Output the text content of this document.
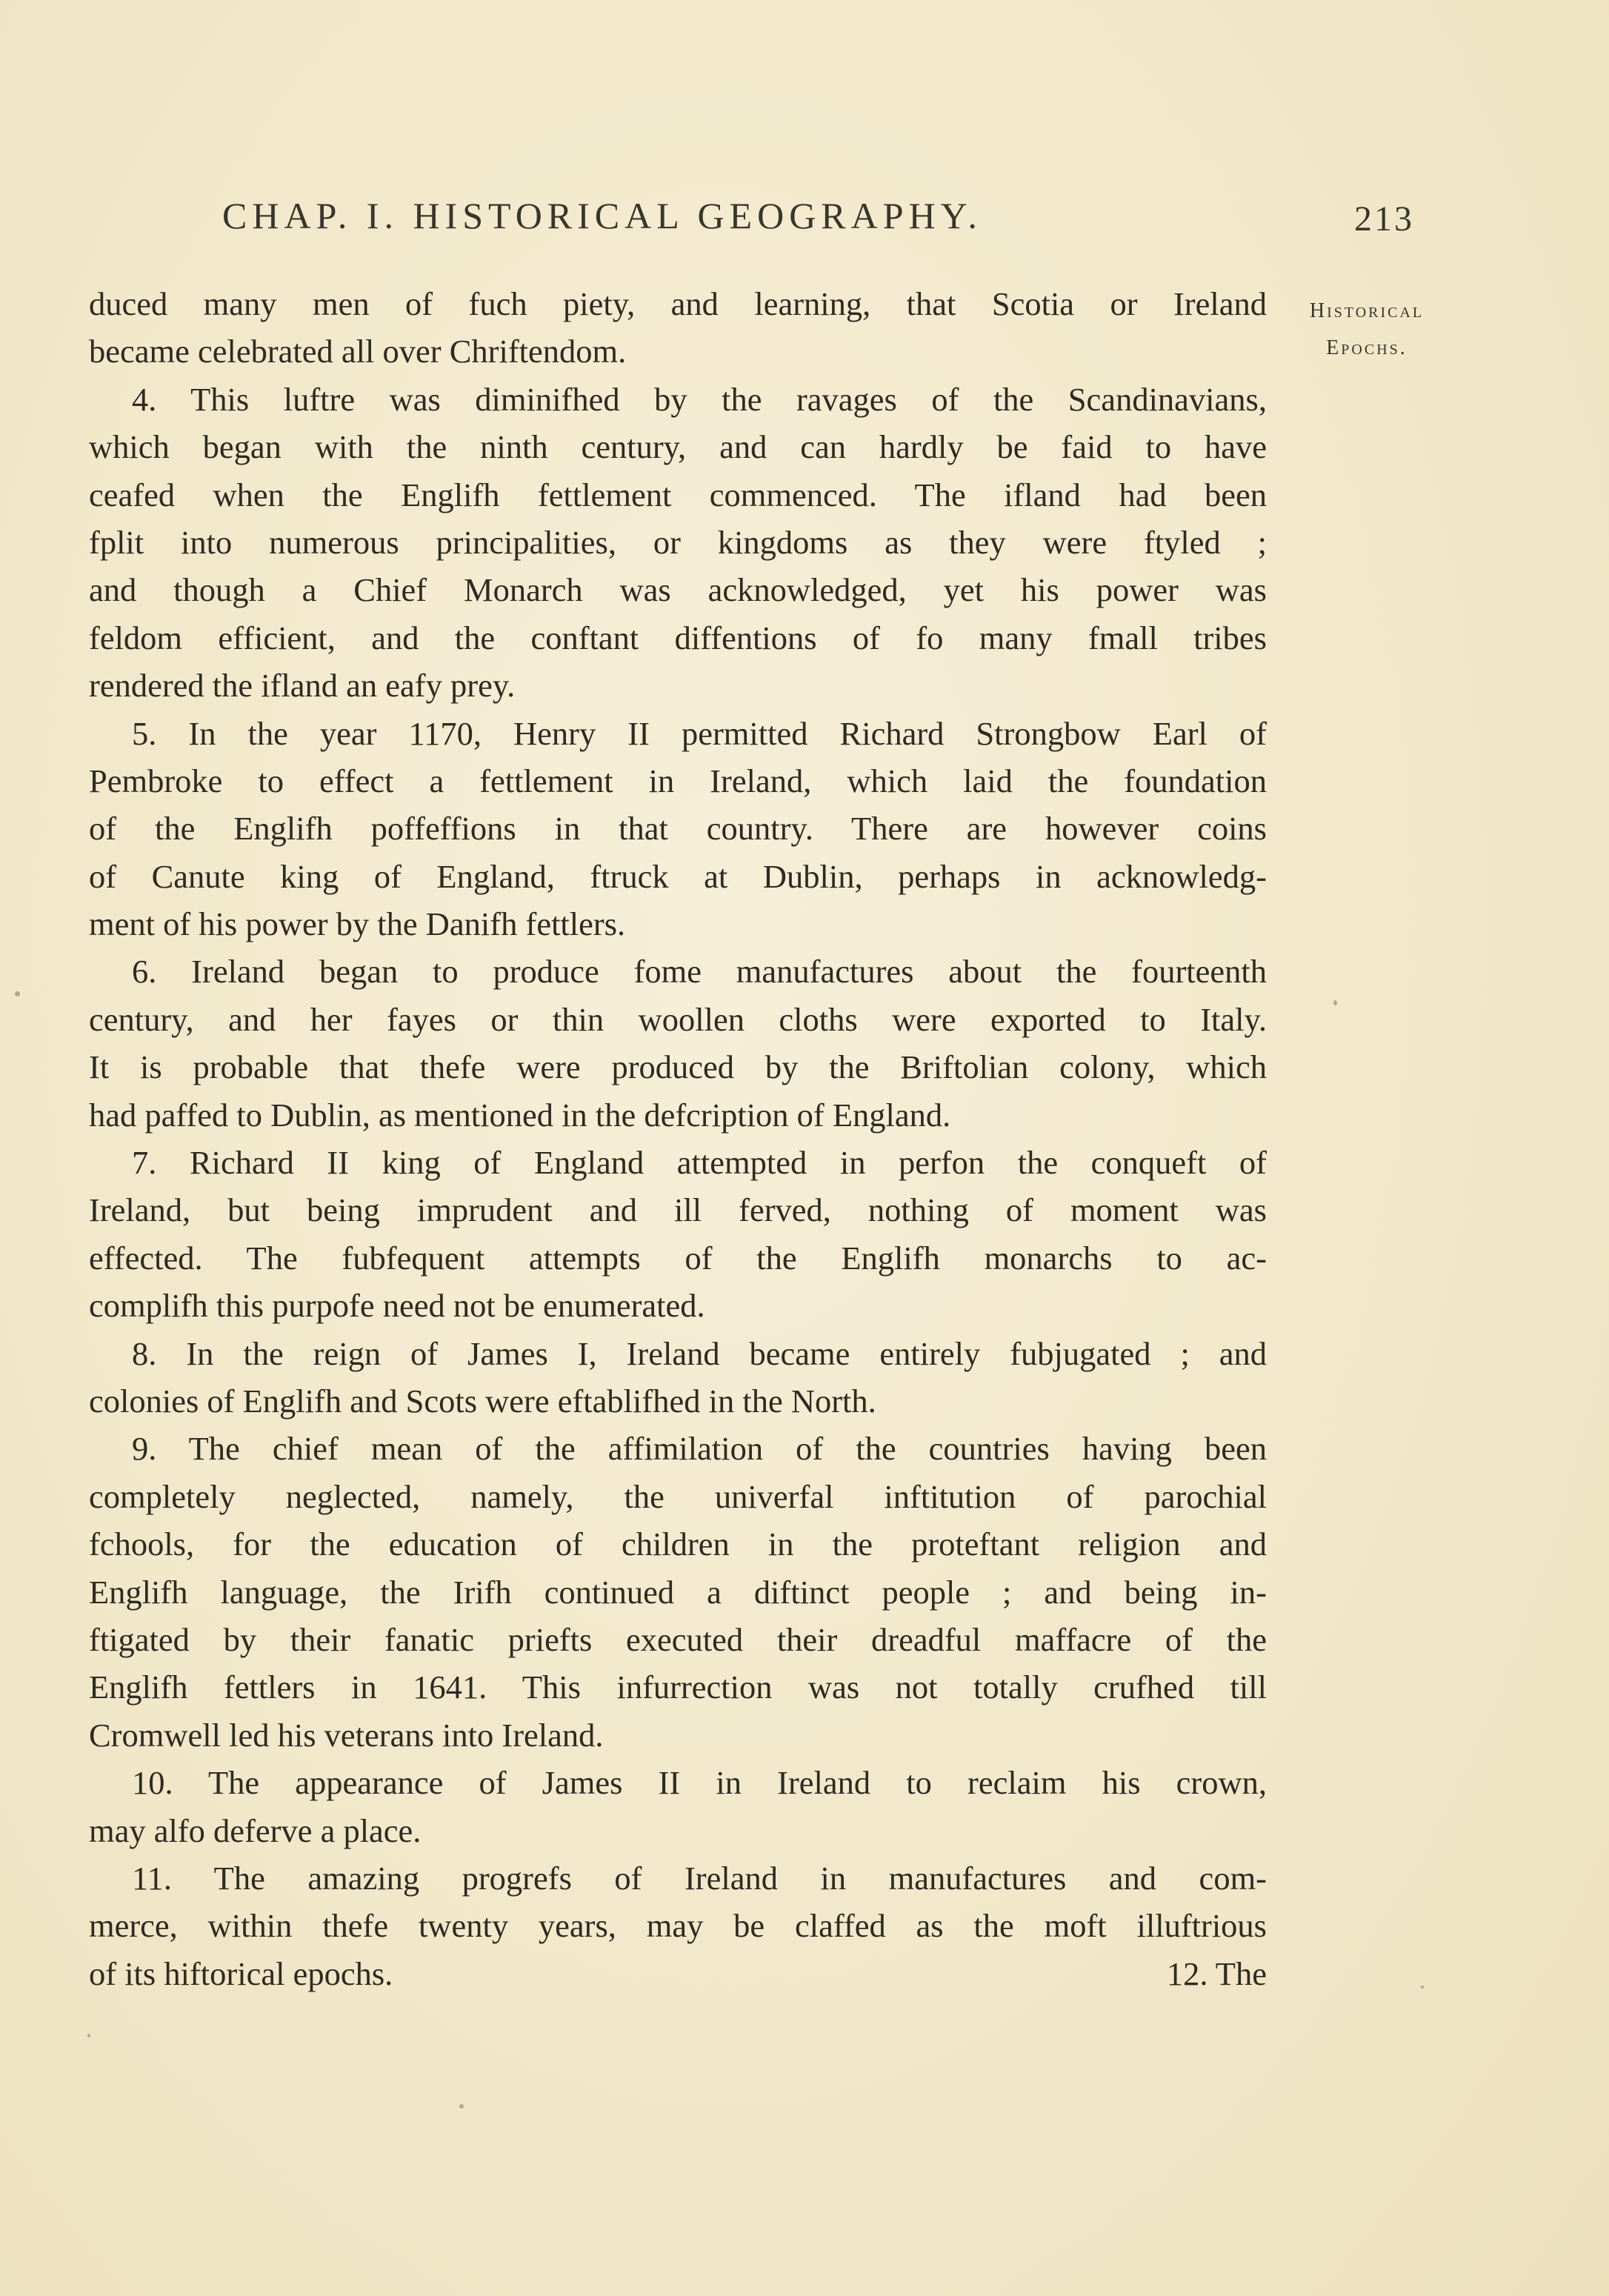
CHAP. I. HISTORICAL GEOGRAPHY.	213
Historical
Epochs.
duced many men of fuch piety, and learning, that Scotia or Ireland
became celebrated all over Chriftendom.
4. This luftre was diminifhed by the ravages of the Scandinavians,
which began with the ninth century, and can hardly be faid to have
ceafed when the Englifh fettlement commenced. The ifland had been
fplit into numerous principalities, or kingdoms as they were ftyled ;
and though a Chief Monarch was acknowledged, yet his power was
feldom efficient, and the conftant diffentions of fo many fmall tribes
rendered the ifland an eafy prey.
5. In the year 1170, Henry II permitted Richard Strongbow Earl of
Pembroke to effect a fettlement in Ireland, which laid the foundation
of the Englifh poffeffions in that country. There are however coins
of Canute king of England, ftruck at Dublin, perhaps in acknowledg-
ment of his power by the Danifh fettlers.
6. Ireland began to produce fome manufactures about the fourteenth
century, and her fayes or thin woollen cloths were exported to Italy.
It is probable that thefe were produced by the Briftolian colony, which
had paffed to Dublin, as mentioned in the defcription of England.
7. Richard II king of England attempted in perfon the conqueft of
Ireland, but being imprudent and ill ferved, nothing of moment was
effected. The fubfequent attempts of the Englifh monarchs to ac-
complifh this purpofe need not be enumerated.
8. In the reign of James I, Ireland became entirely fubjugated ; and
colonies of Englifh and Scots were eftablifhed in the North.
9. The chief mean of the affimilation of the countries having been
completely neglected, namely, the univerfal inftitution of parochial
fchools, for the education of children in the proteftant religion and
Englifh language, the Irifh continued a diftinct people ; and being in-
ftigated by their fanatic priefts executed their dreadful maffacre of the
Englifh fettlers in 1641. This infurrection was not totally crufhed till
Cromwell led his veterans into Ireland.
10. The appearance of James II in Ireland to reclaim his crown,
may alfo deferve a place.
11. The amazing progrefs of Ireland in manufactures and com-
merce, within thefe twenty years, may be claffed as the moft illuftrious
of its hiftorical epochs.	12. The
